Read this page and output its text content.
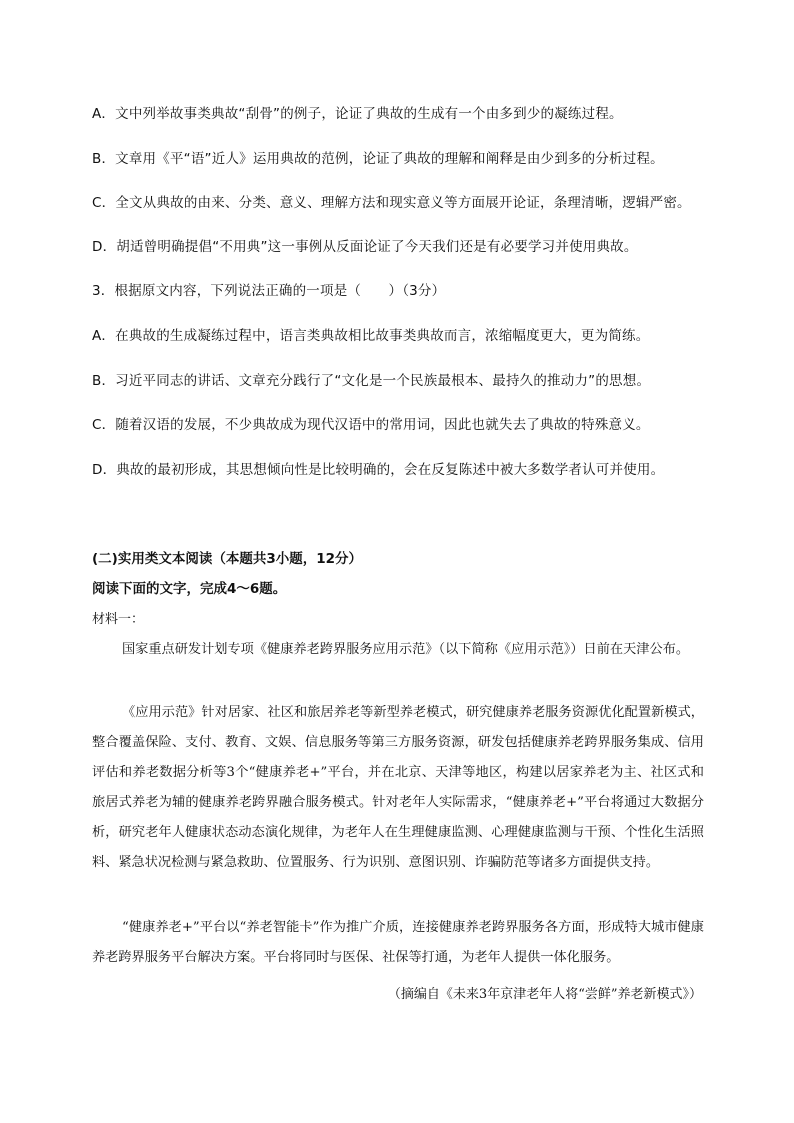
A．文中列举故事类典故“刮骨”的例子，论证了典故的生成有一个由多到少的凝练过程。
B．文章用《平“语”近人》运用典故的范例，论证了典故的理解和阐释是由少到多的分析过程。
C．全文从典故的由来、分类、意义、理解方法和现实意义等方面展开论证，条理清晰，逻辑严密。
D．胡适曾明确提倡“不用典”这一事例从反面论证了今天我们还是有必要学习并使用典故。
3．根据原文内容，下列说法正确的一项是（　　）（3分）
A．在典故的生成凝练过程中，语言类典故相比故事类典故而言，浓缩幅度更大，更为简练。
B．习近平同志的讲话、文章充分践行了“文化是一个民族最根本、最持久的推动力”的思想。
C．随着汉语的发展，不少典故成为现代汉语中的常用词，因此也就失去了典故的特殊意义。
D．典故的最初形成，其思想倾向性是比较明确的，会在反复陈述中被大多数学者认可并使用。
(二)实用类文本阅读（本题共3小题，12分）
阅读下面的文字，完成4～6题。
材料一：
国家重点研发计划专项《健康养老跨界服务应用示范》（以下简称《应用示范》）日前在天津公布。
《应用示范》针对居家、社区和旅居养老等新型养老模式，研究健康养老服务资源优化配置新模式，整合覆盖保险、支付、教育、文娱、信息服务等第三方服务资源，研发包括健康养老跨界服务集成、信用评估和养老数据分析等3个“健康养老+”平台，并在北京、天津等地区，构建以居家养老为主、社区式和旅居式养老为辅的健康养老跨界融合服务模式。针对老年人实际需求，“健康养老+”平台将通过大数据分析，研究老年人健康状态动态演化规律，为老年人在生理健康监测、心理健康监测与干预、个性化生活照料、紧急状况检测与紧急救助、位置服务、行为识别、意图识别、诈骗防范等诸多方面提供支持。
“健康养老+”平台以“养老智能卡”作为推广介质，连接健康养老跨界服务各方面，形成特大城市健康养老跨界服务平台解决方案。平台将同时与医保、社保等打通，为老年人提供一体化服务。
（摘编自《未来3年京津老年人将“尝鲜”养老新模式》）
